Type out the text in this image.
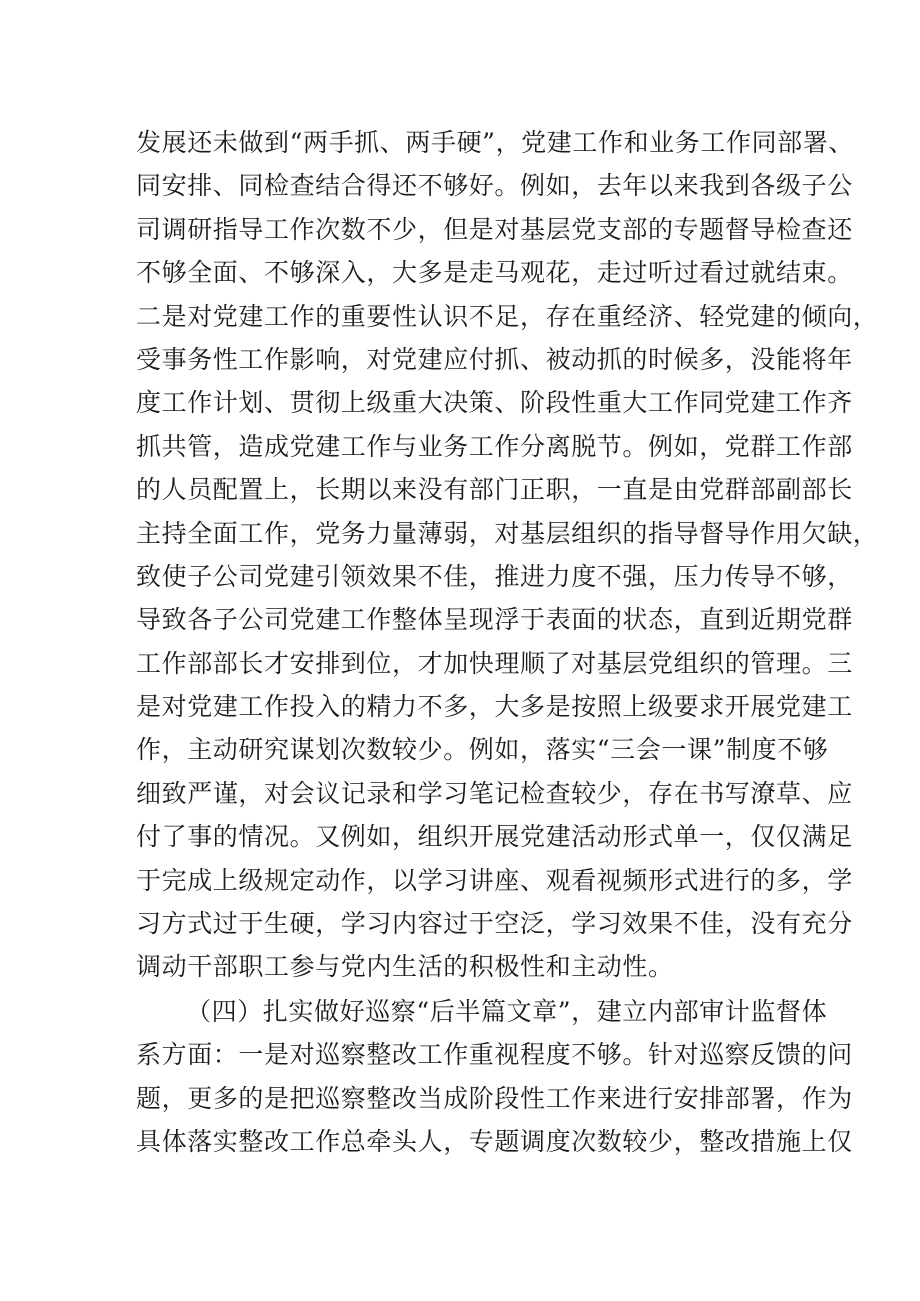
发展还未做到“两手抓、两手硬”，党建工作和业务工作同部署、
同安排、同检查结合得还不够好。例如，去年以来我到各级子公
司调研指导工作次数不少，但是对基层党支部的专题督导检查还
不够全面、不够深入，大多是走马观花，走过听过看过就结束。
二是对党建工作的重要性认识不足，存在重经济、轻党建的倾向，
受事务性工作影响，对党建应付抓、被动抓的时候多，没能将年
度工作计划、贯彻上级重大决策、阶段性重大工作同党建工作齐
抓共管，造成党建工作与业务工作分离脱节。例如，党群工作部
的人员配置上，长期以来没有部门正职，一直是由党群部副部长
主持全面工作，党务力量薄弱，对基层组织的指导督导作用欠缺，
致使子公司党建引领效果不佳，推进力度不强，压力传导不够，
导致各子公司党建工作整体呈现浮于表面的状态，直到近期党群
工作部部长才安排到位，才加快理顺了对基层党组织的管理。三
是对党建工作投入的精力不多，大多是按照上级要求开展党建工
作，主动研究谋划次数较少。例如，落实“三会一课”制度不够
细致严谨，对会议记录和学习笔记检查较少，存在书写潦草、应
付了事的情况。又例如，组织开展党建活动形式单一，仅仅满足
于完成上级规定动作，以学习讲座、观看视频形式进行的多，学
习方式过于生硬，学习内容过于空泛，学习效果不佳，没有充分
调动干部职工参与党内生活的积极性和主动性。
（四）扎实做好巡察“后半篇文章”，建立内部审计监督体
系方面：一是对巡察整改工作重视程度不够。针对巡察反馈的问
题，更多的是把巡察整改当成阶段性工作来进行安排部署，作为
具体落实整改工作总牵头人，专题调度次数较少，整改措施上仅
